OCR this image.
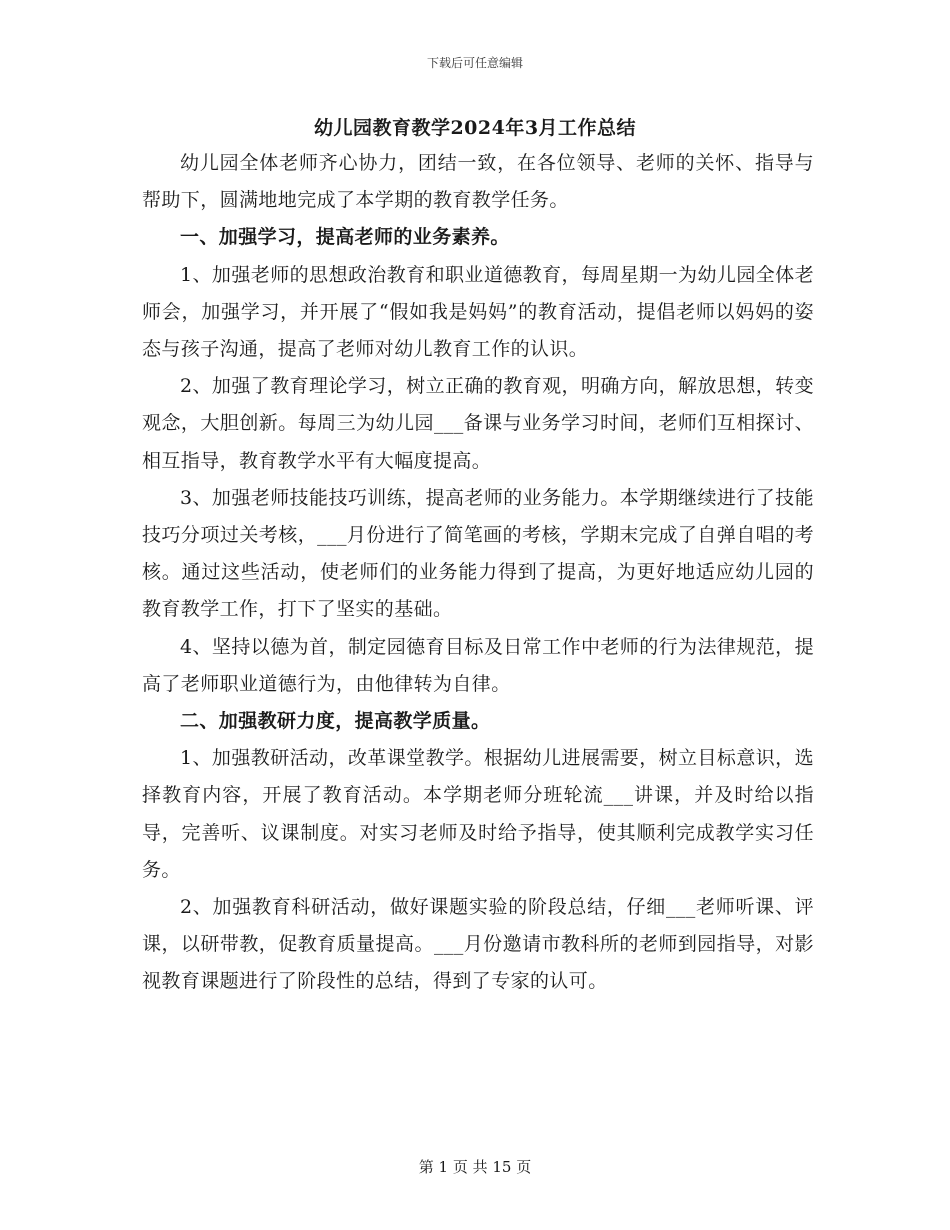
下载后可任意编辑
幼儿园教育教学2024年3月工作总结

幼儿园全体老师齐心协力，团结一致，在各位领导、老师的关怀、指导与帮助下，圆满地地完成了本学期的教育教学任务。

一、加强学习，提高老师的业务素养。

1、加强老师的思想政治教育和职业道德教育，每周星期一为幼儿园全体老师会，加强学习，并开展了“假如我是妈妈”的教育活动，提倡老师以妈妈的姿态与孩子沟通，提高了老师对幼儿教育工作的认识。

2、加强了教育理论学习，树立正确的教育观，明确方向，解放思想，转变观念，大胆创新。每周三为幼儿园___备课与业务学习时间，老师们互相探讨、相互指导，教育教学水平有大幅度提高。

3、加强老师技能技巧训练，提高老师的业务能力。本学期继续进行了技能技巧分项过关考核，___月份进行了简笔画的考核，学期末完成了自弹自唱的考核。通过这些活动，使老师们的业务能力得到了提高，为更好地适应幼儿园的教育教学工作，打下了坚实的基础。

4、坚持以德为首，制定园德育目标及日常工作中老师的行为法律规范，提高了老师职业道德行为，由他律转为自律。

二、加强教研力度，提高教学质量。

1、加强教研活动，改革课堂教学。根据幼儿进展需要，树立目标意识，选择教育内容，开展了教育活动。本学期老师分班轮流___讲课，并及时给以指导，完善听、议课制度。对实习老师及时给予指导，使其顺利完成教学实习任务。

2、加强教育科研活动，做好课题实验的阶段总结，仔细___老师听课、评课，以研带教，促教育质量提高。___月份邀请市教科所的老师到园指导，对影视教育课题进行了阶段性的总结，得到了专家的认可。

第 1 页 共 15 页
